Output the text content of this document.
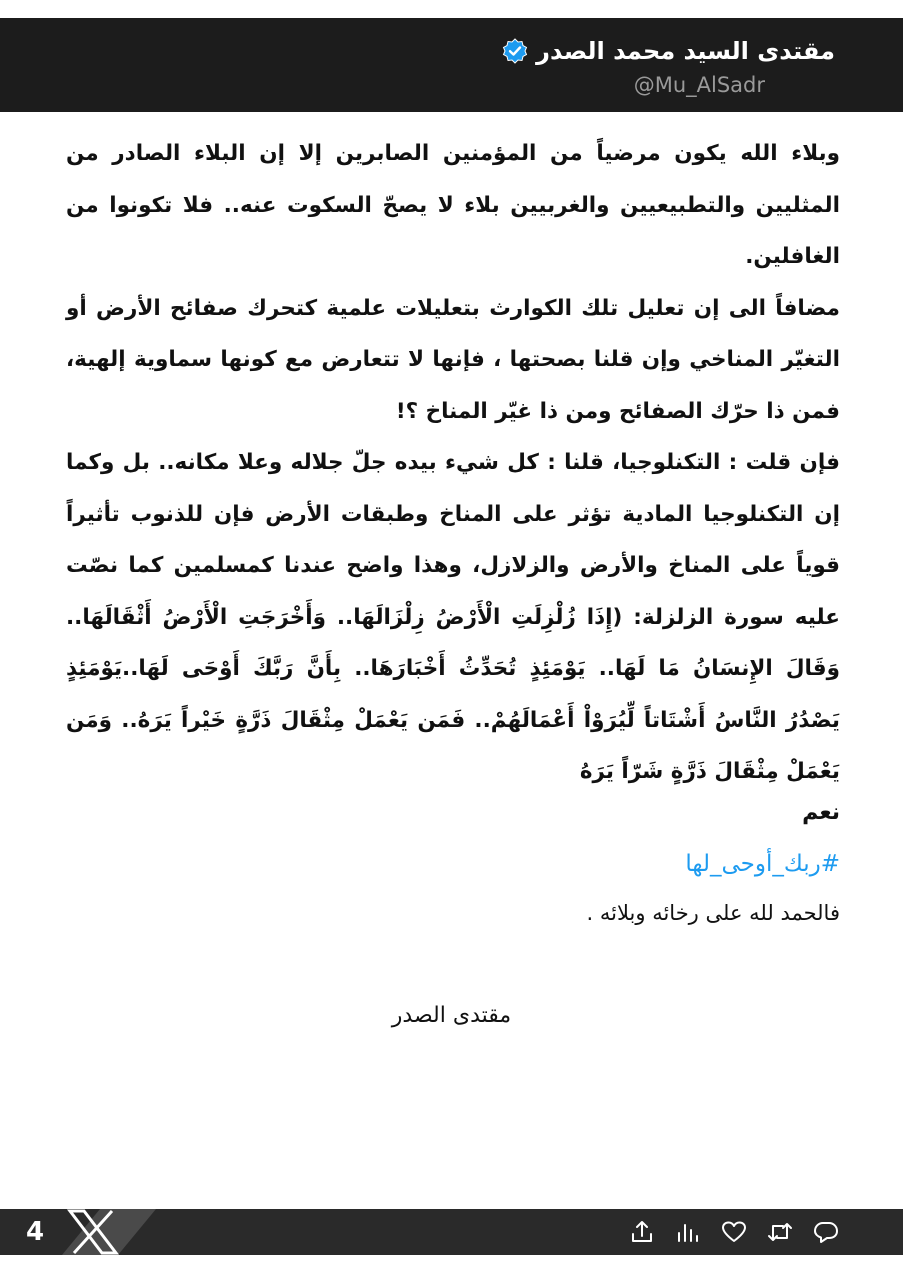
مقتدى السيد محمد الصدر
@Mu_AlSadr

وبلاء الله يكون مرضياً من المؤمنين الصابرين إلا إن البلاء الصادر من المثليين والتطبيعيين والغربيين بلاء لا يصحّ السكوت عنه.. فلا تكونوا من الغافلين.

مضافاً الى إن تعليل تلك الكوارث بتعليلات علمية كتحرك صفائح الأرض أو التغيّر المناخي وإن قلنا بصحتها ، فإنها لا تتعارض مع كونها سماوية إلهية، فمن ذا حرّك الصفائح ومن ذا غيّر المناخ ؟!

فإن قلت : التكنلوجيا، قلنا : كل شيء بيده جلّ جلاله وعلا مكانه.. بل وكما إن التكنلوجيا المادية تؤثر على المناخ وطبقات الأرض فإن للذنوب تأثيراً قوياً على المناخ والأرض والزلازل، وهذا واضح عندنا كمسلمين كما نصّت عليه سورة الزلزلة: (إِذَا زُلْزِلَتِ الْأَرْضُ زِلْزَالَهَا.. وَأَخْرَجَتِ الْأَرْضُ أَثْقَالَهَا.. وَقَالَ الإِنسَانُ مَا لَهَا.. يَوْمَئِذٍ تُحَدِّثُ أَخْبَارَهَا.. بِأَنَّ رَبَّكَ أَوْحَى لَهَا..يَوْمَئِذٍ يَصْدُرُ النَّاسُ أَشْتَاتاً لِّيُرَوْاْ أَعْمَالَهُمْ.. فَمَن يَعْمَلْ مِثْقَالَ ذَرَّةٍ خَيْراً يَرَهُ.. وَمَن يَعْمَلْ مِثْقَالَ ذَرَّةٍ شَرّاً يَرَهُ

نعم
#ربك_أوحى_لها
فالحمد لله على رخائه وبلائه .
مقتدى الصدر
4
